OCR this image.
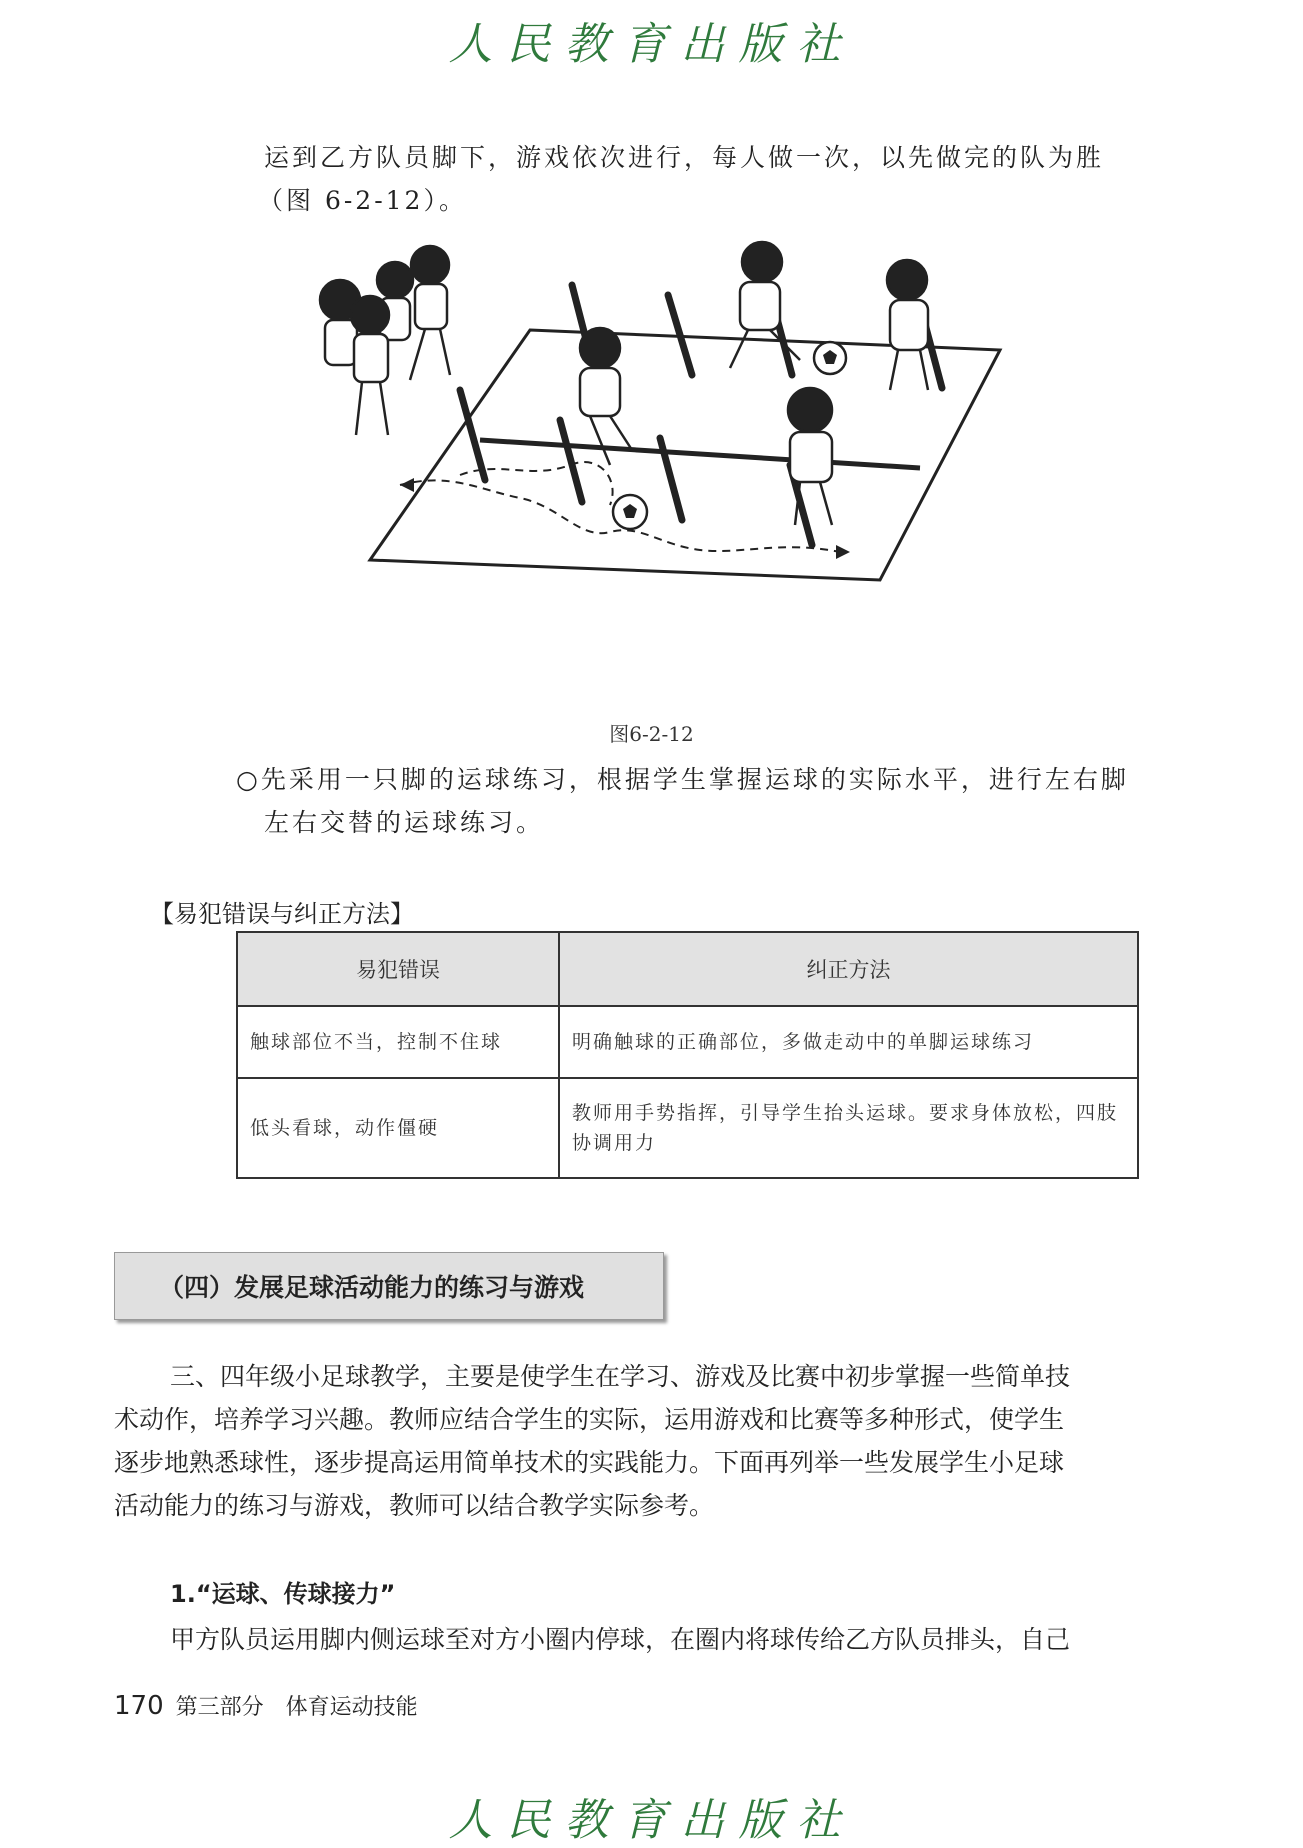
人民教育出版社
运到乙方队员脚下，游戏依次进行，每人做一次，以先做完的队为胜
（图 6-2-12）。
图6-2-12
○先采用一只脚的运球练习，根据学生掌握运球的实际水平，进行左右脚
左右交替的运球练习。
【易犯错误与纠正方法】
易犯错误	纠正方法
触球部位不当，控制不住球	明确触球的正确部位，多做走动中的单脚运球练习
低头看球，动作僵硬	教师用手势指挥，引导学生抬头运球。要求身体放松，四肢协调用力
（四）发展足球活动能力的练习与游戏
三、四年级小足球教学，主要是使学生在学习、游戏及比赛中初步掌握一些简单技
术动作，培养学习兴趣。教师应结合学生的实际，运用游戏和比赛等多种形式，使学生
逐步地熟悉球性，逐步提高运用简单技术的实践能力。下面再列举一些发展学生小足球
活动能力的练习与游戏，教师可以结合教学实际参考。
1.“运球、传球接力”
甲方队员运用脚内侧运球至对方小圈内停球，在圈内将球传给乙方队员排头，自己
170 第三部分　体育运动技能
人民教育出版社
